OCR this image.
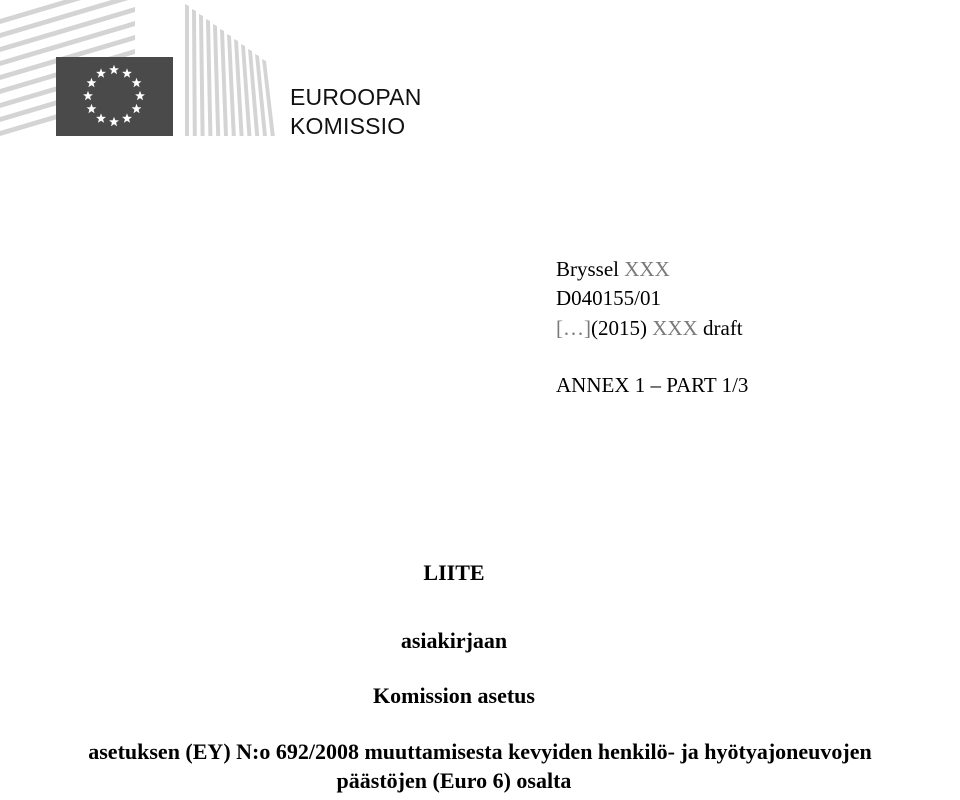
EUROOPAN
KOMISSIO
Bryssel XXX
D040155/01
[…](2015) XXX draft
ANNEX 1 – PART 1/3
LIITE
asiakirjaan
Komission asetus
asetuksen (EY) N:o 692/2008 muuttamisesta kevyiden henkilö- ja hyötyajoneuvojen
päästöjen (Euro 6) osalta
